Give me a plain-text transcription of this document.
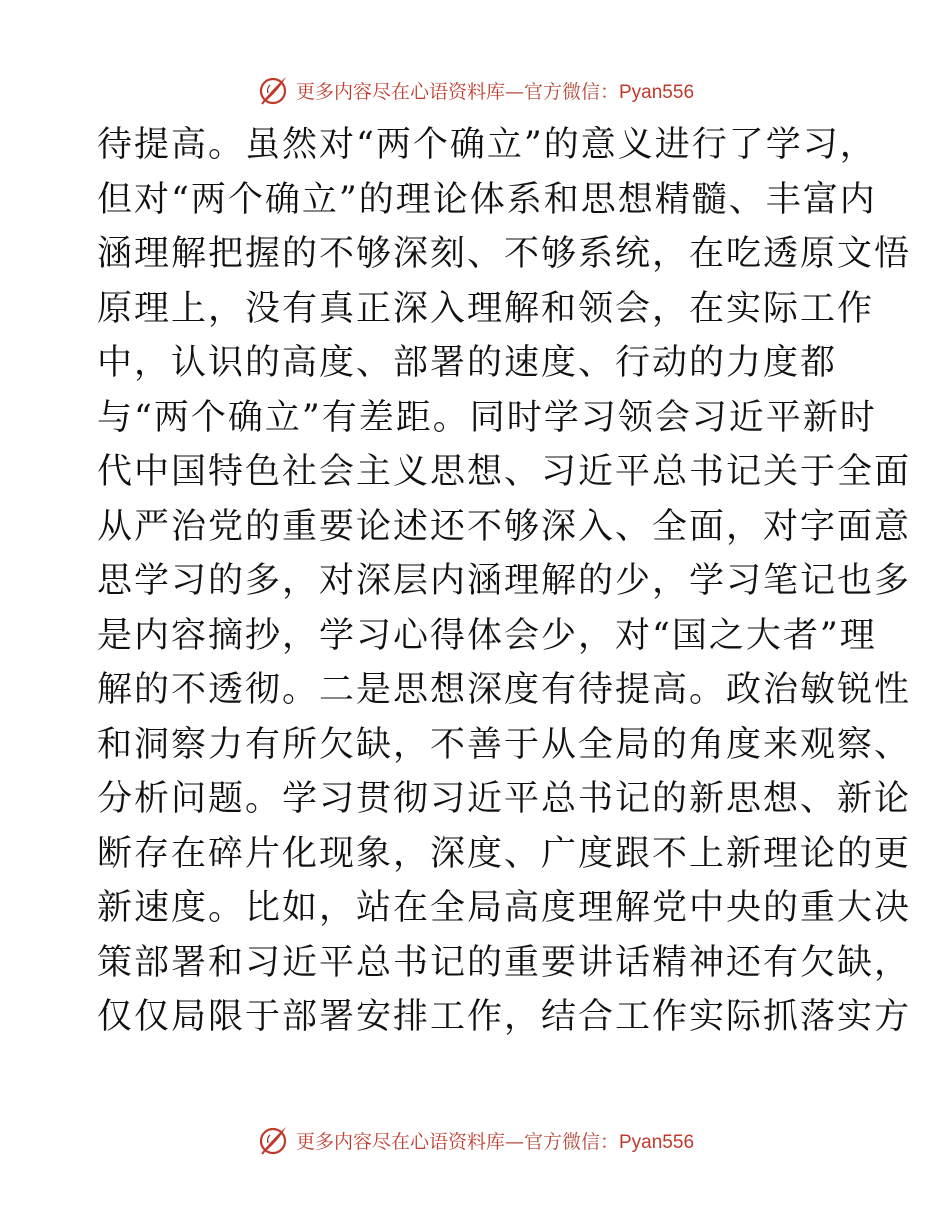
更多内容尽在心语资料库—官方微信：Pyan556
待提高。虽然对“两个确立”的意义进行了学习，
但对“两个确立”的理论体系和思想精髓、丰富内
涵理解把握的不够深刻、不够系统，在吃透原文悟
原理上，没有真正深入理解和领会，在实际工作
中，认识的高度、部署的速度、行动的力度都
与“两个确立”有差距。同时学习领会习近平新时
代中国特色社会主义思想、习近平总书记关于全面
从严治党的重要论述还不够深入、全面，对字面意
思学习的多，对深层内涵理解的少，学习笔记也多
是内容摘抄，学习心得体会少，对“国之大者”理
解的不透彻。二是思想深度有待提高。政治敏锐性
和洞察力有所欠缺，不善于从全局的角度来观察、
分析问题。学习贯彻习近平总书记的新思想、新论
断存在碎片化现象，深度、广度跟不上新理论的更
新速度。比如，站在全局高度理解党中央的重大决
策部署和习近平总书记的重要讲话精神还有欠缺，
仅仅局限于部署安排工作，结合工作实际抓落实方
更多内容尽在心语资料库—官方微信：Pyan556
